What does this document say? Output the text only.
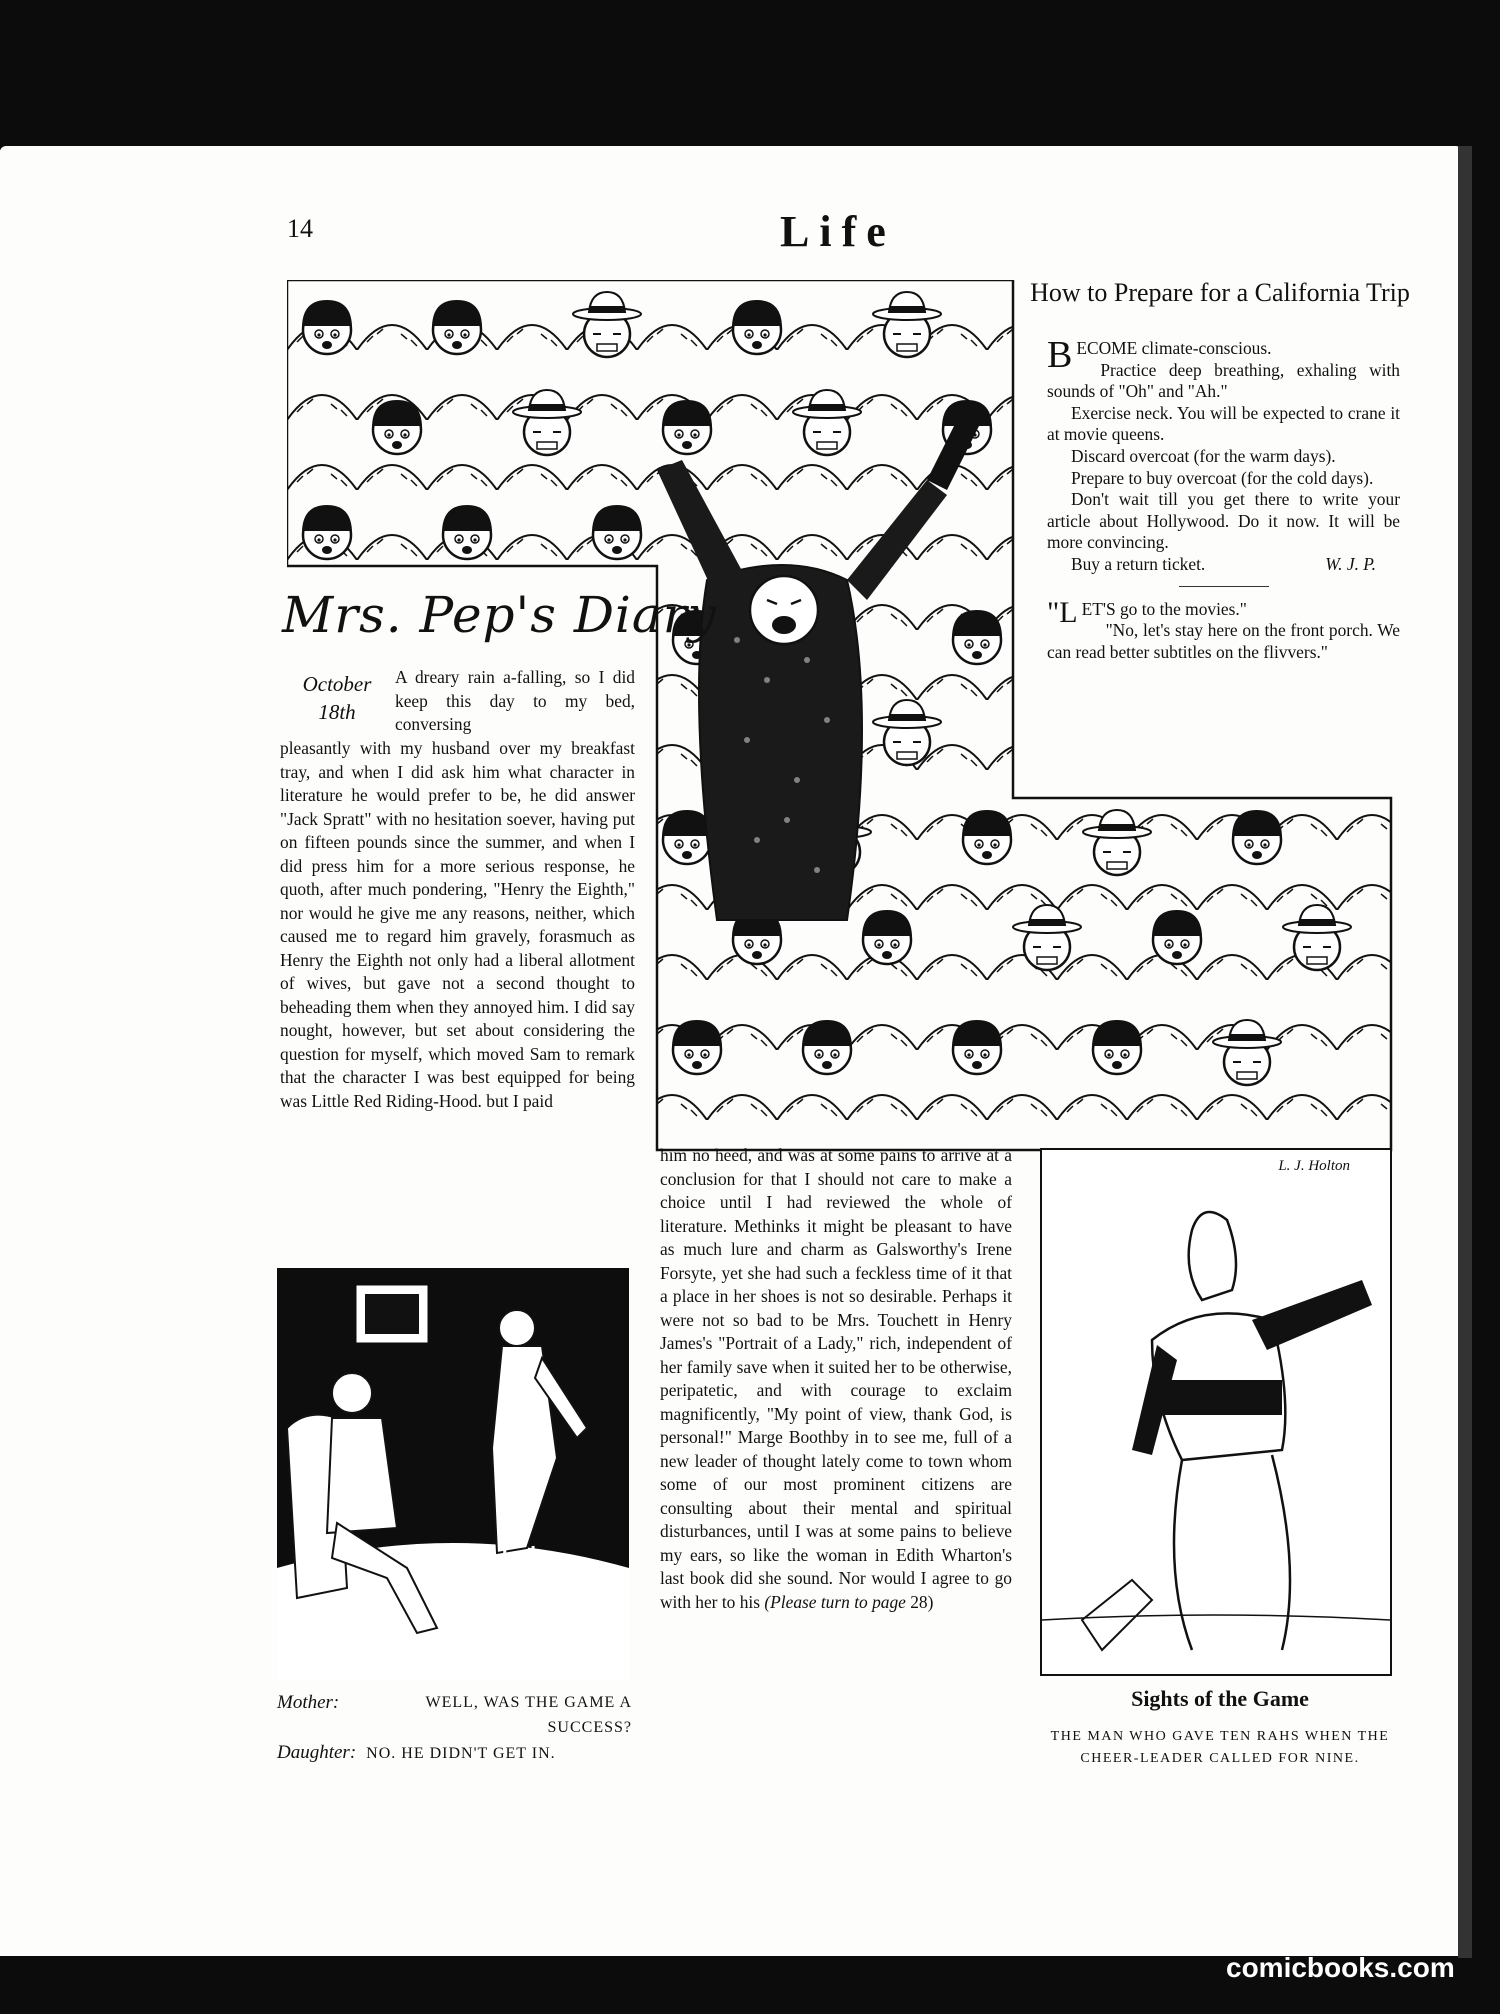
14	Life
How to Prepare for a California Trip

BECOME climate-conscious.

Practice deep breathing, exhaling with sounds of "Oh" and "Ah."

Exercise neck. You will be expected to crane it at movie queens.

Discard overcoat (for the warm days).

Prepare to buy overcoat (for the cold days).

Don't wait till you get there to write your article about Hollywood. Do it now. It will be more convincing.

Buy a return ticket.	W. J. P.

"LET'S go to the movies."

"No, let's stay here on the front porch. We can read better subtitles on the flivvers."

Mrs. Pep's Diary
October 18th
A dreary rain a-falling, so I did keep this day to my bed, conversing
pleasantly with my husband over my breakfast tray, and when I did ask him what character in literature he would prefer to be, he did answer "Jack Spratt" with no hesitation soever, having put on fifteen pounds since the summer, and when I did press him for a more serious response, he quoth, after much pondering, "Henry the Eighth," nor would he give me any reasons, neither, which caused me to regard him gravely, forasmuch as Henry the Eighth not only had a liberal allotment of wives, but gave not a second thought to beheading them when they annoyed him. I did say nought, however, but set about considering the question for myself, which moved Sam to remark that the character I was best equipped for being was Little Red Riding-Hood. but I paid
him no heed, and was at some pains to arrive at a conclusion for that I should not care to make a choice until I had reviewed the whole of literature. Methinks it might be pleasant to have as much lure and charm as Galsworthy's Irene Forsyte, yet she had such a feckless time of it that a place in her shoes is not so desirable. Perhaps it were not so bad to be Mrs. Touchett in Henry James's "Portrait of a Lady," rich, independent of her family save when it suited her to be otherwise, peripatetic, and with courage to exclaim magnificently, "My point of view, thank God, is personal!" Marge Boothby in to see me, full of a new leader of thought lately come to town whom some of our most prominent citizens are consulting about their mental and spiritual disturbances, until I was at some pains to believe my ears, so like the woman in Edith Wharton's last book did she sound. Nor would I agree to go with her to his (Please turn to page 28)
Mother:	WELL, WAS THE GAME A SUCCESS?
Daughter: NO. HE DIDN'T GET IN.
L. J. Holton
Sights of the Game
THE MAN WHO GAVE TEN RAHS WHEN THE CHEER-LEADER CALLED FOR NINE.
comicbooks.com
